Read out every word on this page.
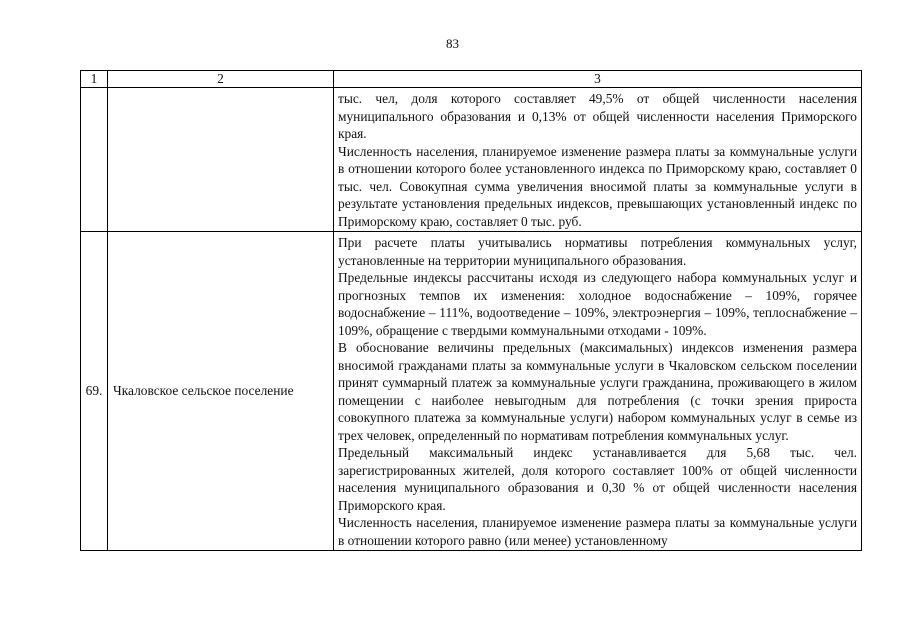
83
1	2	3

		тыс. чел, доля которого составляет 49,5% от общей численности населения муниципального образования и 0,13% от общей численности населения Приморского края.

Численность населения, планируемое изменение размера платы за коммунальные услуги в отношении которого более установленного индекса по Приморскому краю, составляет 0 тыс. чел. Совокупная сумма увеличения вносимой платы за коммунальные услуги в результате установления предельных индексов, превышающих установленный индекс по Приморскому краю, составляет 0 тыс. руб.

69.	Чкаловское сельское поселение	При расчете платы учитывались нормативы потребления коммунальных услуг, установленные на территории муниципального образования.

Предельные индексы рассчитаны исходя из следующего набора коммунальных услуг и прогнозных темпов их изменения: холодное водоснабжение – 109%, горячее водоснабжение – 111%, водоотведение – 109%, электроэнергия – 109%, теплоснабжение – 109%, обращение с твердыми коммунальными отходами - 109%.

В обоснование величины предельных (максимальных) индексов изменения размера вносимой гражданами платы за коммунальные услуги в Чкаловском сельском поселении принят суммарный платеж за коммунальные услуги гражданина, проживающего в жилом помещении с наиболее невыгодным для потребления (с точки зрения прироста совокупного платежа за коммунальные услуги) набором коммунальных услуг в семье из трех человек, определенный по нормативам потребления коммунальных услуг.

Предельный максимальный индекс устанавливается для 5,68 тыс. чел. зарегистрированных жителей, доля которого составляет 100% от общей численности населения муниципального образования и 0,30 % от общей численности населения Приморского края.

Численность населения, планируемое изменение размера платы за коммунальные услуги в отношении которого равно (или менее) установленному
